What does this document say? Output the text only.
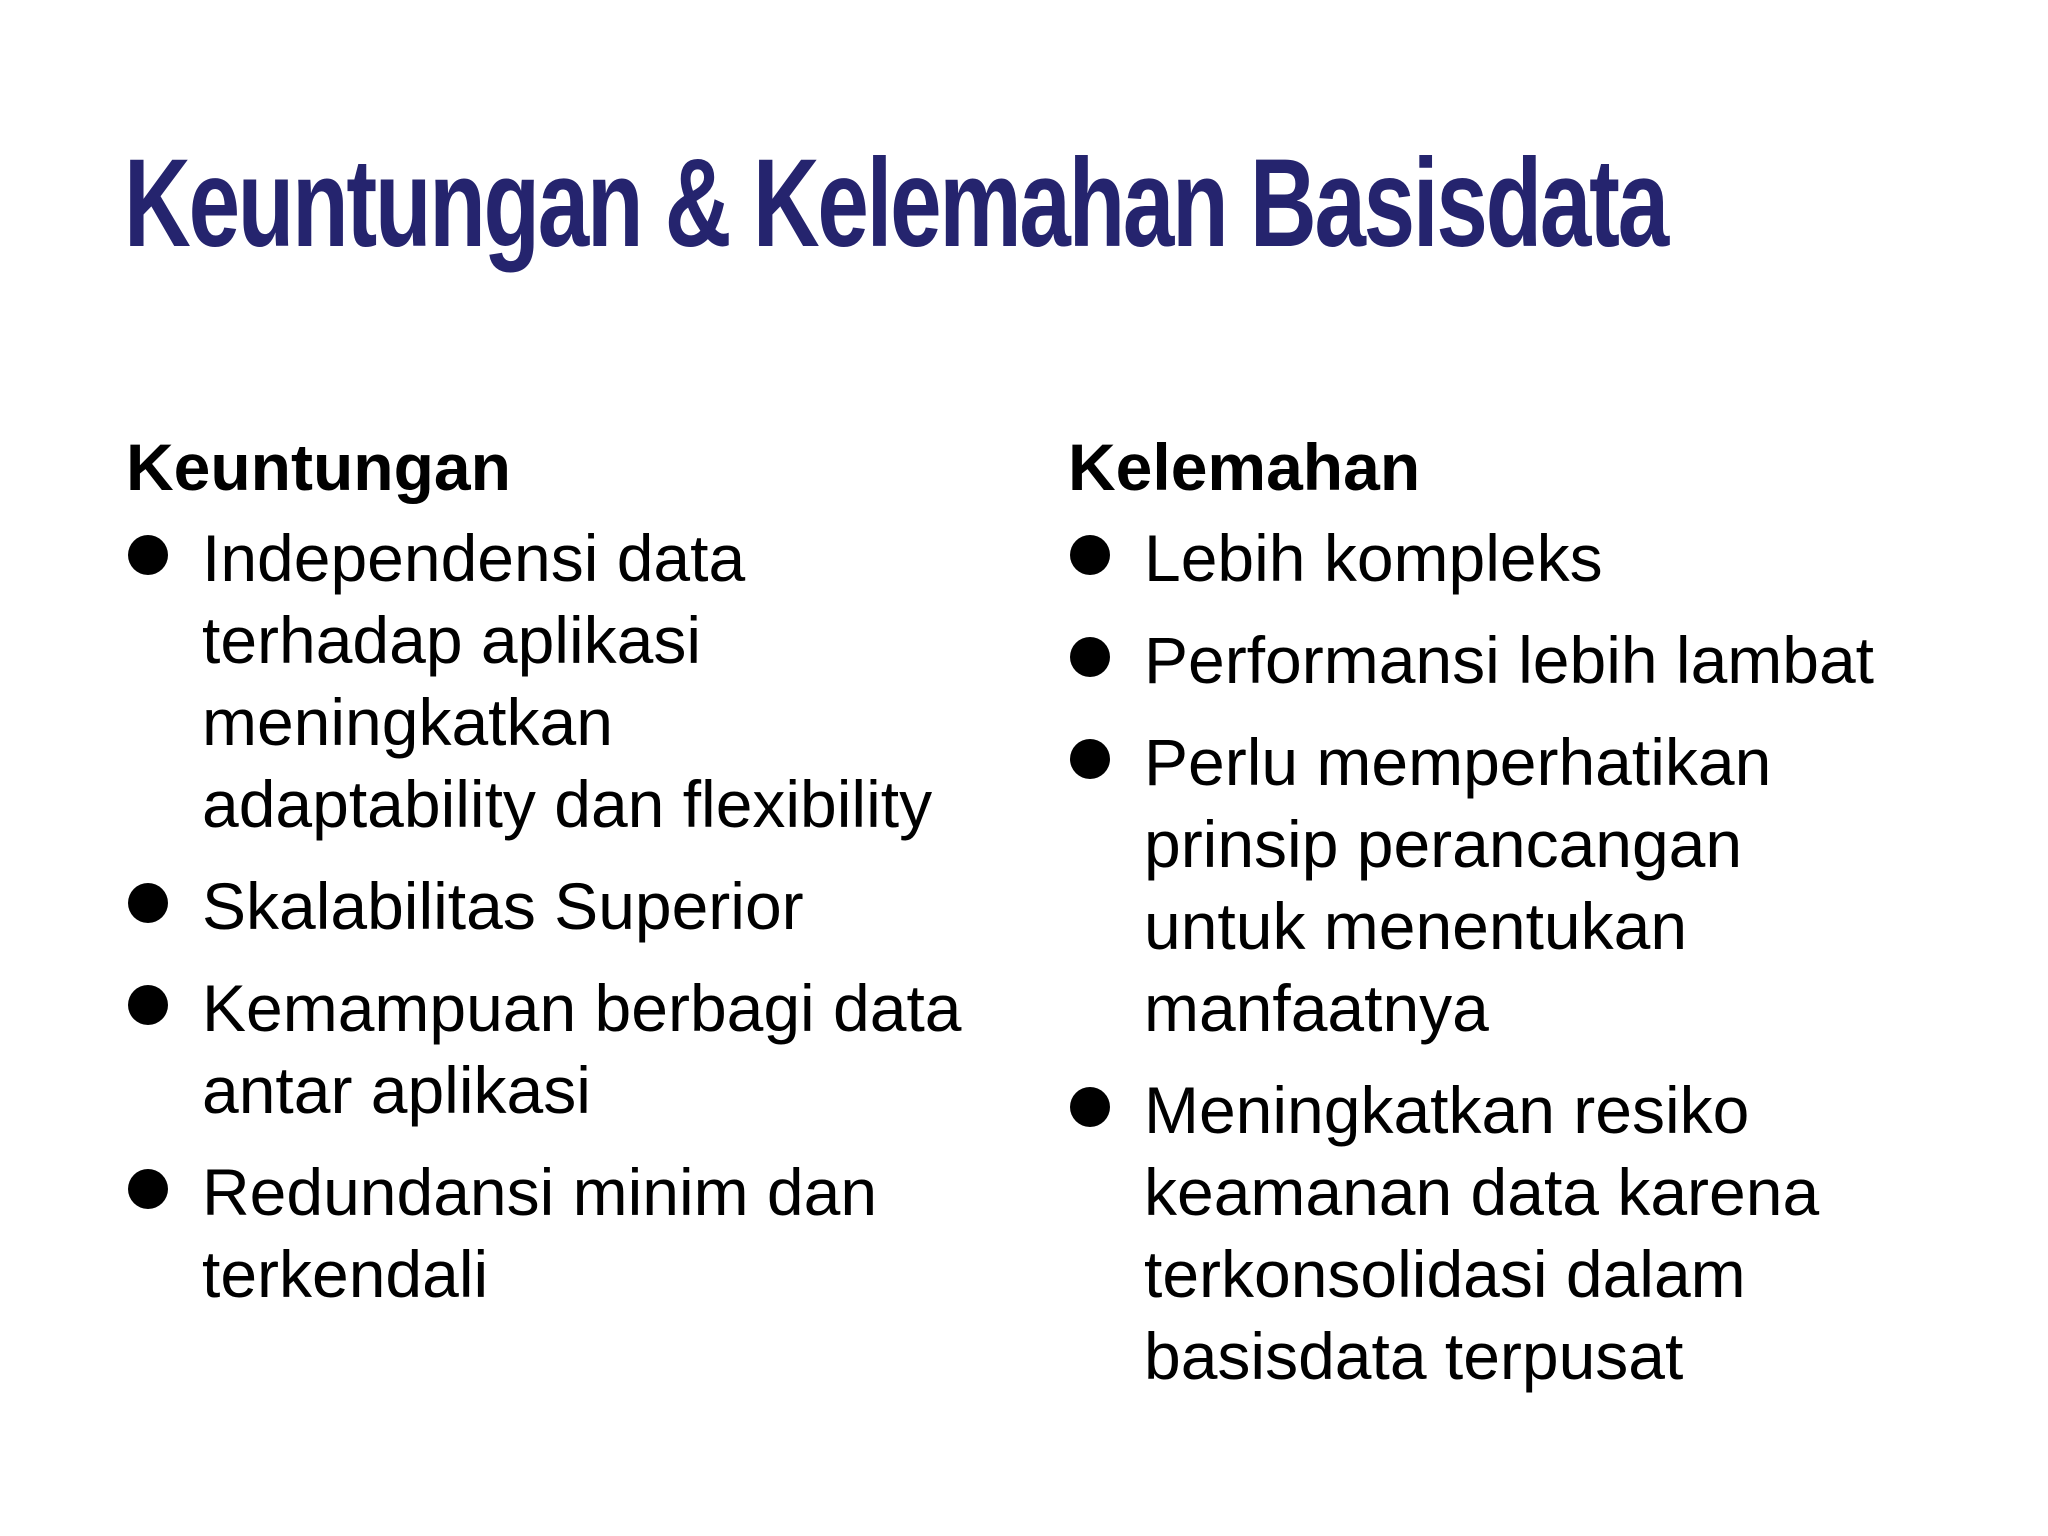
Keuntungan & Kelemahan Basisdata
Keuntungan
Independensi data
terhadap aplikasi
meningkatkan
adaptability dan flexibility
Skalabilitas Superior
Kemampuan berbagi data
antar aplikasi
Redundansi minim dan
terkendali
Kelemahan
Lebih kompleks
Performansi lebih lambat
Perlu memperhatikan
prinsip perancangan
untuk menentukan
manfaatnya
Meningkatkan resiko
keamanan data karena
terkonsolidasi dalam
basisdata terpusat
